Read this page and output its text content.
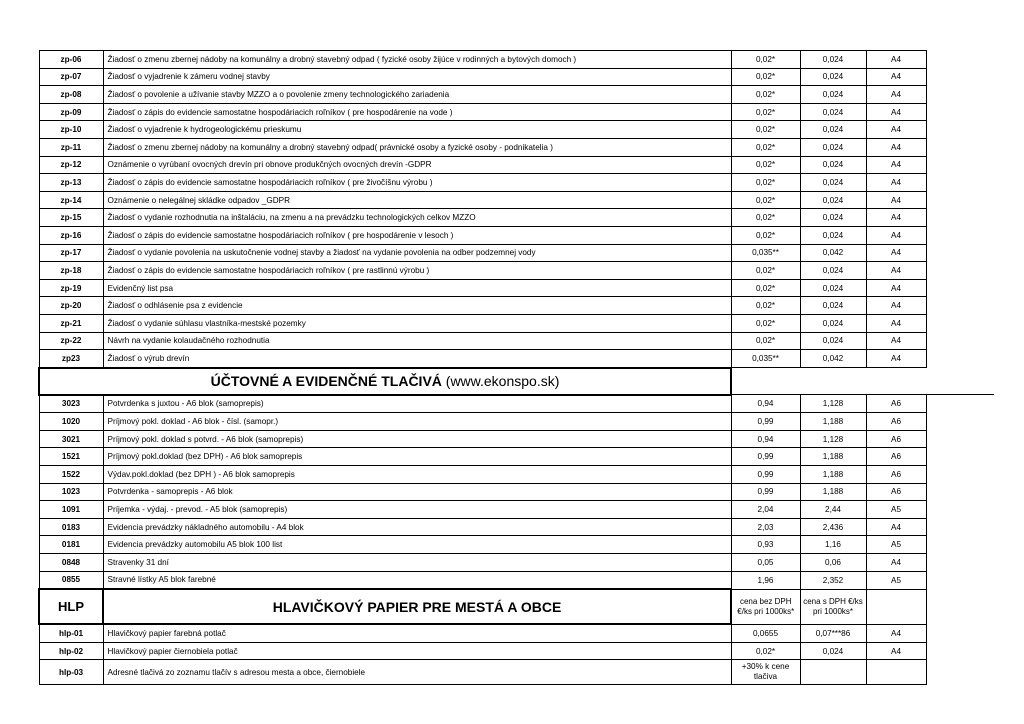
zp-06	Žiadosť o zmenu zbernej nádoby na komunálny a drobný stavebný odpad ( fyzické osoby žijúce v rodinných a bytových domoch )	0,02*	0,024	A4	
zp-07	Žiadosť o vyjadrenie k zámeru vodnej stavby	0,02*	0,024	A4	
zp-08	Žiadosť o povolenie a užívanie stavby MZZO a o povolenie zmeny technologického zariadenia	0,02*	0,024	A4	
zp-09	Žiadosť o zápis do evidencie samostatne hospodáriacich roľníkov ( pre hospodárenie na vode )	0,02*	0,024	A4	
zp-10	Žiadosť o vyjadrenie k hydrogeologickému prieskumu	0,02*	0,024	A4	
zp-11	Žiadosť o zmenu zbernej nádoby na komunálny a drobný stavebný odpad( právnické osoby a fyzické osoby - podnikatelia )	0,02*	0,024	A4	
zp-12	Oznámenie o vyrúbaní ovocných drevín pri obnove produkčných ovocných drevín -GDPR	0,02*	0,024	A4	
zp-13	Žiadosť o zápis do evidencie samostatne hospodáriacich roľníkov ( pre živočíšnu výrobu )	0,02*	0,024	A4	
zp-14	Oznámenie o nelegálnej skládke odpadov _GDPR	0,02*	0,024	A4	
zp-15	Žiadosť o vydanie rozhodnutia na inštaláciu, na zmenu a na prevádzku technologických celkov MZZO	0,02*	0,024	A4	
zp-16	Žiadosť o zápis do evidencie samostatne hospodáriacich roľníkov ( pre hospodárenie v lesoch )	0,02*	0,024	A4	
zp-17	Žiadosť o vydanie povolenia na uskutočnenie vodnej stavby a žiadosť na vydanie povolenia na odber podzemnej vody	0,035**	0,042	A4	
zp-18	Žiadosť o zápis do evidencie samostatne hospodáriacich roľníkov ( pre rastlinnú výrobu )	0,02*	0,024	A4	
zp-19	Evidenčný list psa	0,02*	0,024	A4	
zp-20	Žiadosť o odhlásenie psa z evidencie	0,02*	0,024	A4	
zp-21	Žiadosť o vydanie súhlasu vlastníka-mestské pozemky	0,02*	0,024	A4	
zp-22	Návrh na vydanie kolaudačného rozhodnutia	0,02*	0,024	A4	
zp23	Žiadosť o výrub drevín	0,035**	0,042	A4	
ÚČTOVNÉ A EVIDENČNÉ TLAČIVÁ (www.ekonspo.sk)					
3023	Potvrdenka s juxtou - A6 blok (samoprepis)	0,94	1,128	A6	
1020	Príjmový pokl. doklad - A6 blok - čísl. (samopr.)	0,99	1,188	A6	
3021	Príjmový pokl. doklad s potvrd. - A6 blok (samoprepis)	0,94	1,128	A6	
1521	Príjmový pokl.doklad (bez DPH) - A6 blok samoprepis	0,99	1,188	A6	
1522	Výdav.pokl.doklad (bez DPH ) - A6 blok samoprepis	0,99	1,188	A6	
1023	Potvrdenka - samoprepis - A6 blok	0,99	1,188	A6	
1091	Príjemka - výdaj. - prevod. - A5 blok (samoprepis)	2,04	2,44	A5	
0183	Evidencia prevádzky nákladného automobilu - A4 blok	2,03	2,436	A4	
0181	Evidencia prevádzky automobilu A5 blok 100 list	0,93	1,16	A5	
0848	Stravenky 31 dní	0,05	0,06	A4	
0855	Stravné lístky A5 blok farebné	1,96	2,352	A5	
HLP	HLAVIČKOVÝ PAPIER PRE MESTÁ A OBCE	cena bez DPH €/ks pri 1000ks*	cena s DPH €/ks pri 1000ks*		
hlp-01	Hlavičkový papier farebná potlač	0,0655	0,07***86	A4	
hlp-02	Hlavičkový papier čiernobiela potlač	0,02*	0,024	A4	
hlp-03	Adresné tlačivá zo zoznamu tlačív s adresou mesta a obce, čiernobiele	+30% k cene tlačiva			
